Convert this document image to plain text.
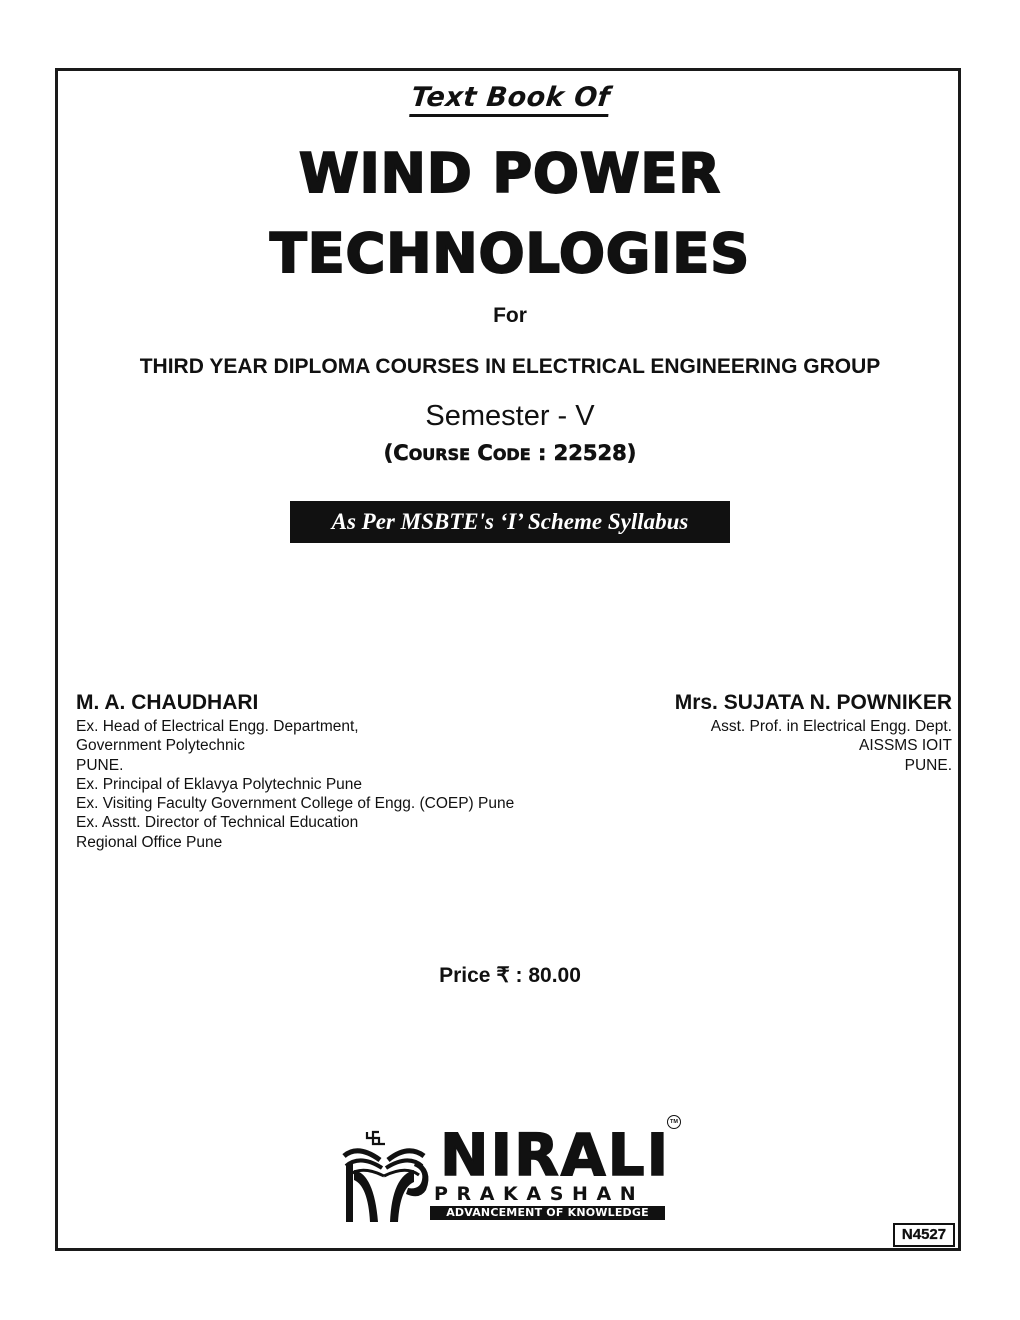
Text Book Of
WIND POWER
TECHNOLOGIES
For
THIRD YEAR DIPLOMA COURSES IN ELECTRICAL ENGINEERING GROUP
Semester - V
(COURSE CODE : 22528)
As Per MSBTE's ‘I’ Scheme Syllabus
M. A. CHAUDHARI
Ex. Head of Electrical Engg. Department,
Government Polytechnic
PUNE.
Ex. Principal of Eklavya Polytechnic Pune
Ex. Visiting Faculty Government College of Engg. (COEP) Pune
Ex. Asstt. Director of Technical Education
Regional Office Pune
Mrs. SUJATA N. POWNIKER
Asst. Prof. in Electrical Engg. Dept.
AISSMS IOIT
PUNE.
Price ₹ : 80.00
NIRALI TM
PRAKASHAN
ADVANCEMENT OF KNOWLEDGE
N4527
